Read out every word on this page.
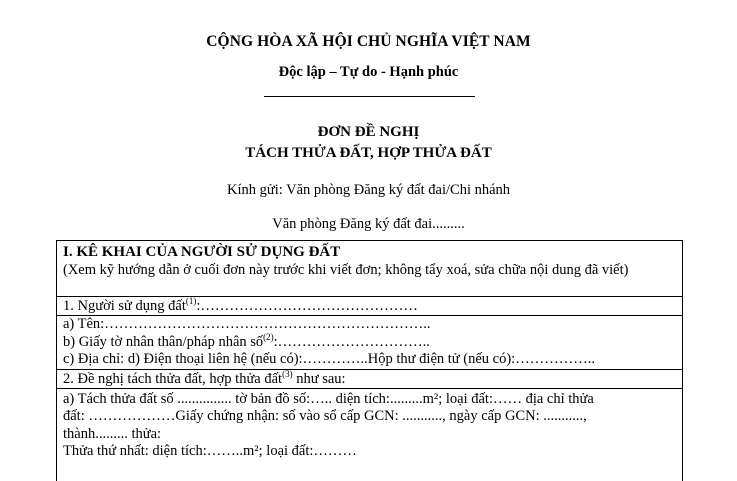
CỘNG HÒA XÃ HỘI CHỦ NGHĨA VIỆT NAM
Độc lập – Tự do - Hạnh phúc
ĐƠN ĐỀ NGHỊ
TÁCH THỬA ĐẤT, HỢP THỬA ĐẤT
Kính gửi: Văn phòng Đăng ký đất đai/Chi nhánh
Văn phòng Đăng ký đất đai.........
I. KÊ KHAI CỦA NGƯỜI SỬ DỤNG ĐẤT
(Xem kỹ hướng dẫn ở cuối đơn này trước khi viết đơn; không tẩy xoá, sửa chữa nội dung đã viết)
1. Người sử dụng đất$^{(1)}$:………………………………………
a) Tên:…………………………………………………………..
b) Giấy tờ nhân thân/pháp nhân số$^{(2)}$:…………………………..
c) Địa chỉ: d) Điện thoại liên hệ (nếu có):…………..Hộp thư điện tử (nếu có):……………..
2. Đề nghị tách thửa đất, hợp thửa đất$^{(3)}$ như sau:
a) Tách thửa đất số ............... tờ bản đồ số:….. diện tích:.........m²; loại đất:…… địa chỉ thửa
đất: ………………Giấy chứng nhận: số vào sổ cấp GCN: ..........., ngày cấp GCN: ...........,
thành......... thửa:
Thửa thứ nhất: diện tích:……..m²; loại đất:………
